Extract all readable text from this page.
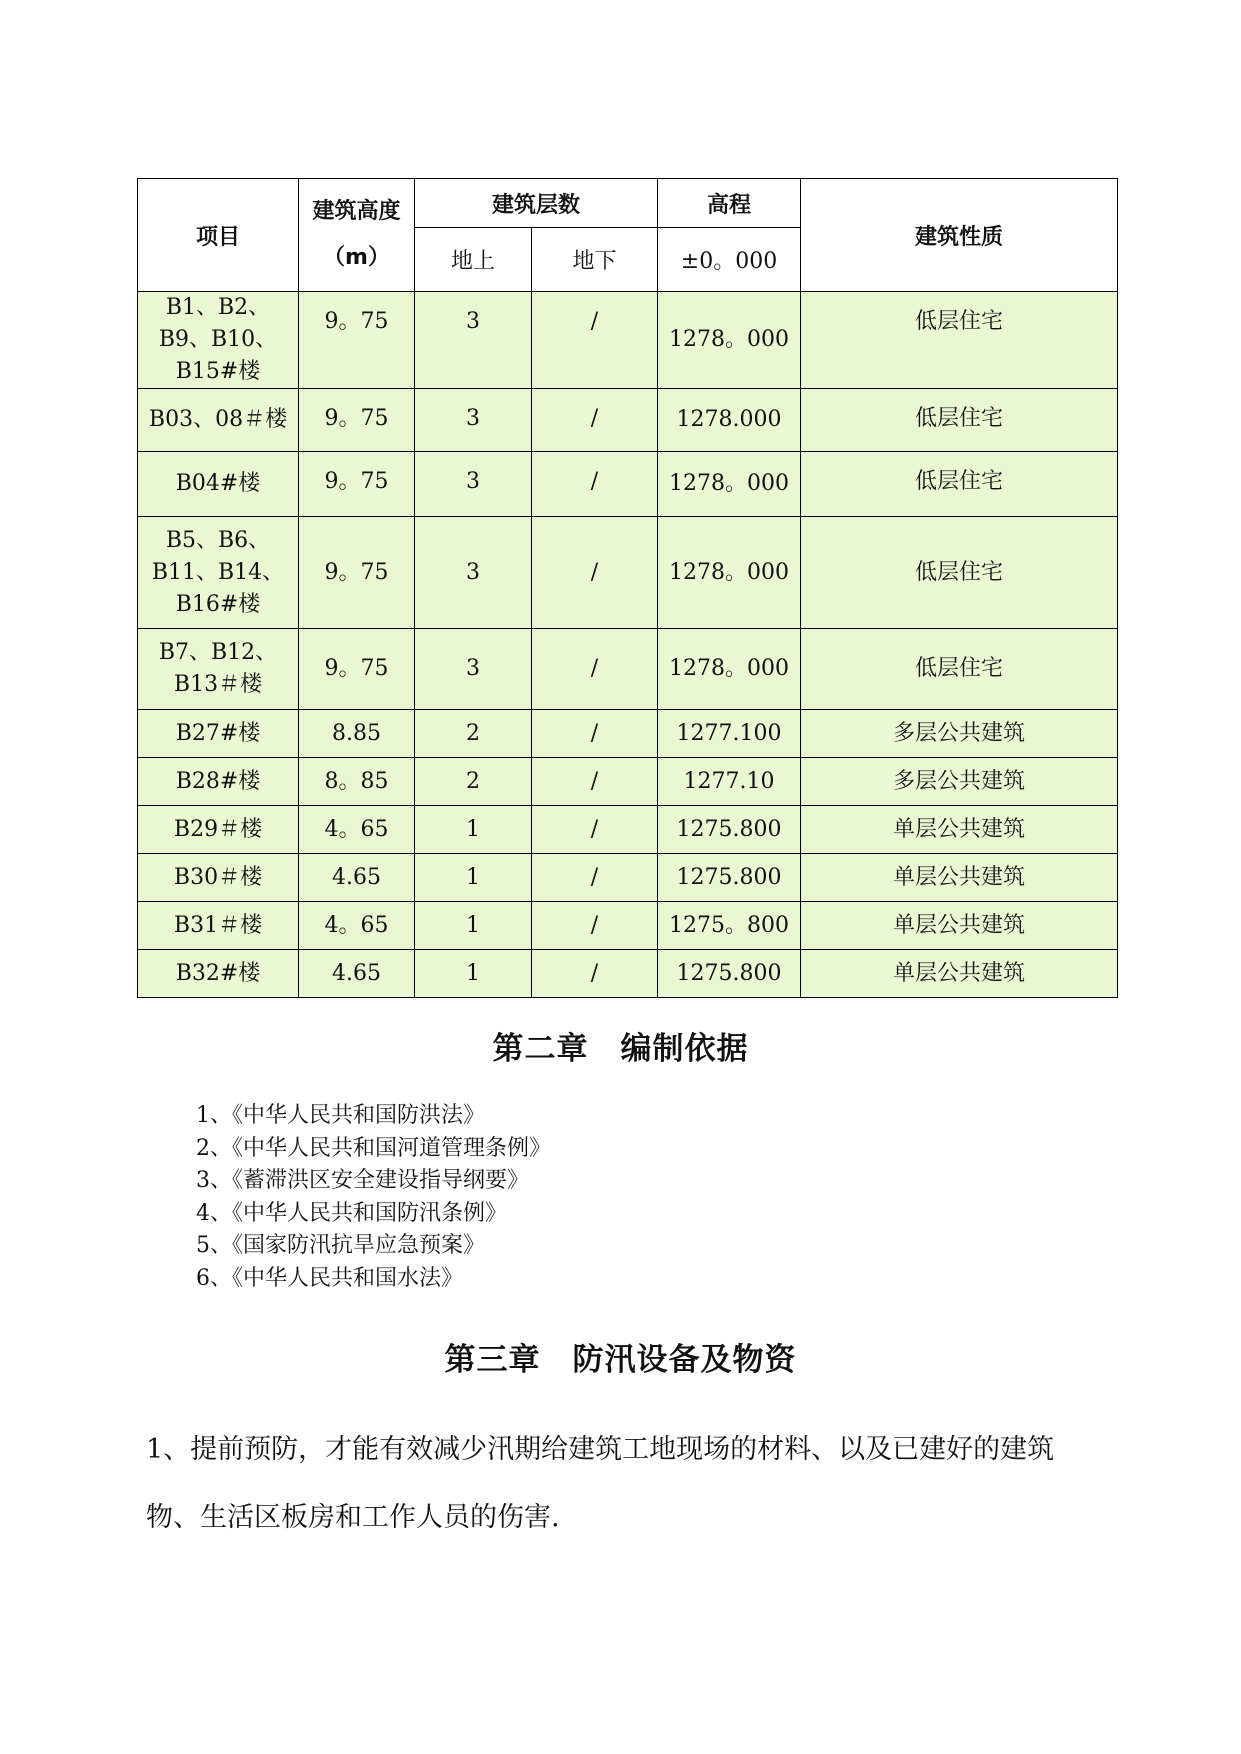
项目	建筑高度（m）	建筑层数		高程	建筑性质
		地上	地下	±0。000	
B1、B2、B9、B10、B15#楼	9。75	3	/	1278。000	低层住宅
B03、08＃楼	9。75	3	/	1278.000	低层住宅
B04#楼	9。75	3	/	1278。000	低层住宅
B5、B6、B11、B14、B16#楼	9。75	3	/	1278。000	低层住宅
B7、B12、B13＃楼	9。75	3	/	1278。000	低层住宅
B27#楼	8.85	2	/	1277.100	多层公共建筑
B28#楼	8。85	2	/	1277.10	多层公共建筑
B29＃楼	4。65	1	/	1275.800	单层公共建筑
B30＃楼	4.65	1	/	1275.800	单层公共建筑
B31＃楼	4。65	1	/	1275。800	单层公共建筑
B32#楼	4.65	1	/	1275.800	单层公共建筑
第二章　编制依据
1、《中华人民共和国防洪法》
2、《中华人民共和国河道管理条例》
3、《蓄滞洪区安全建设指导纲要》
4、《中华人民共和国防汛条例》
5、《国家防汛抗旱应急预案》
6、《中华人民共和国水法》
第三章　防汛设备及物资

1、提前预防，才能有效减少汛期给建筑工地现场的材料、以及已建好的建筑物、生活区板房和工作人员的伤害.
